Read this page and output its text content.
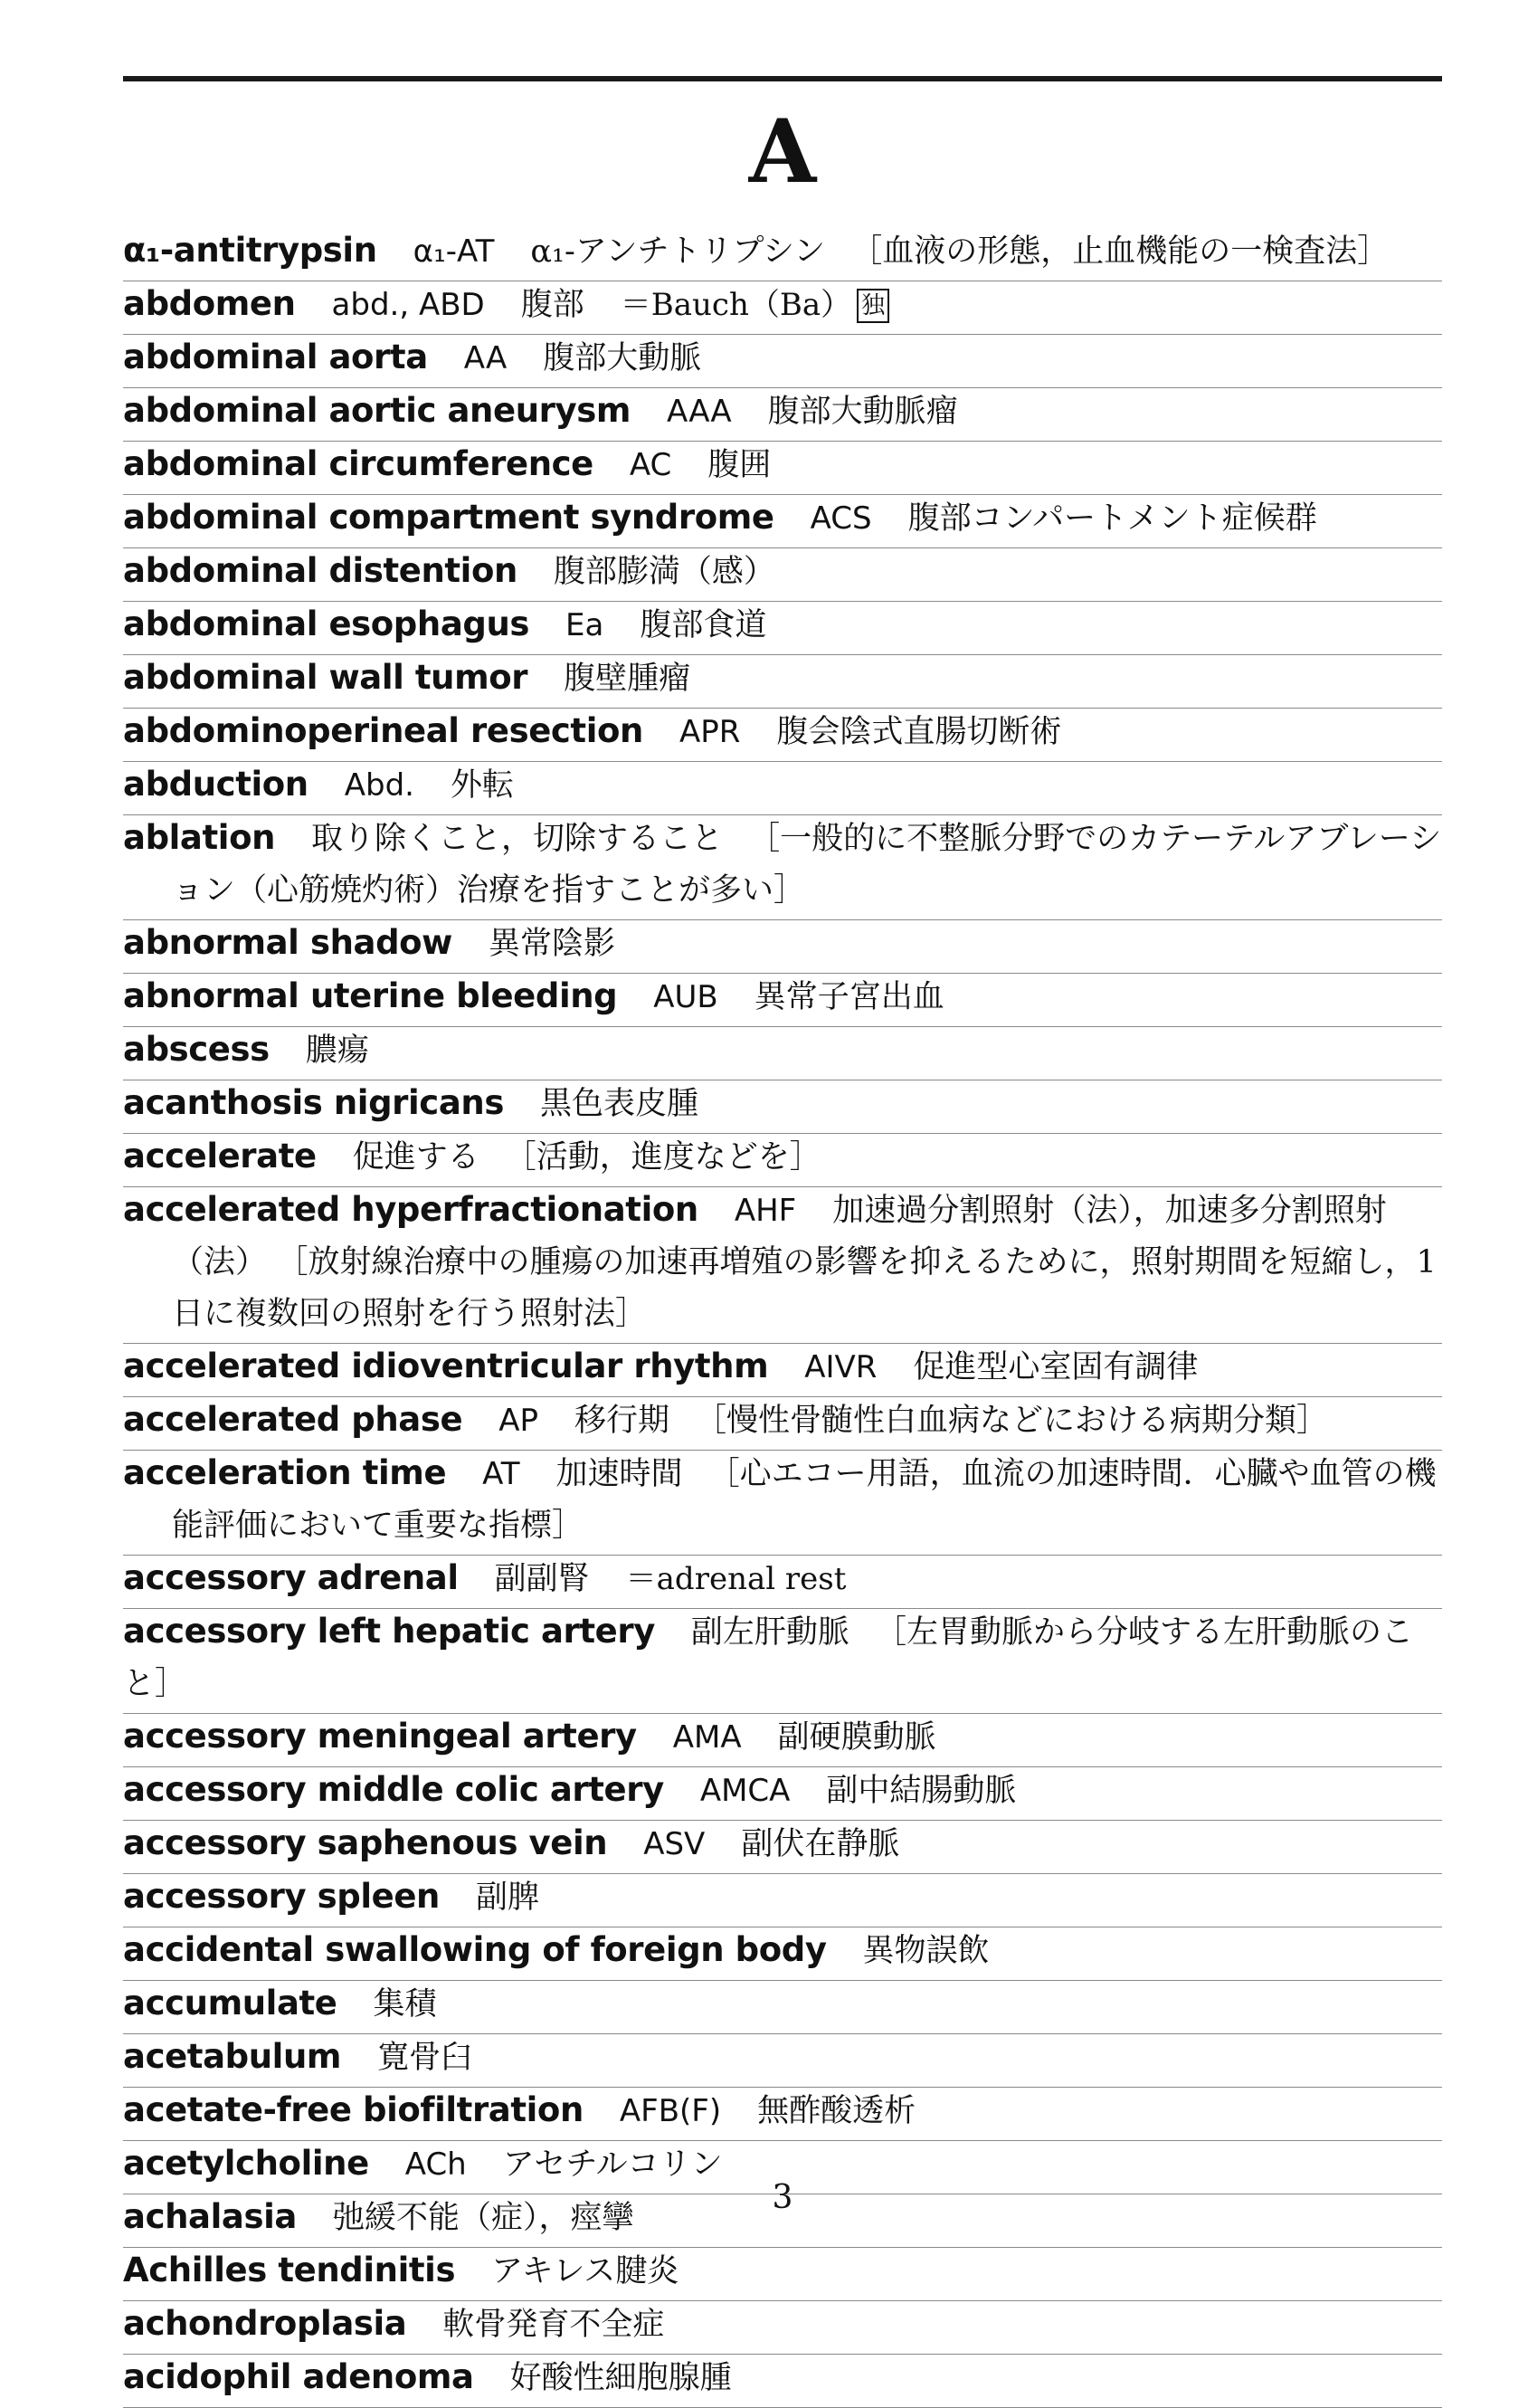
A
α₁-antitrypsin α₁-AT α₁-アンチトリプシン ［血液の形態，止血機能の一検査法］
abdomen abd., ABD 腹部 ＝Bauch（Ba） 独
abdominal aorta AA 腹部大動脈
abdominal aortic aneurysm AAA 腹部大動脈瘤
abdominal circumference AC 腹囲
abdominal compartment syndrome ACS 腹部コンパートメント症候群
abdominal distention 腹部膨満（感）
abdominal esophagus Ea 腹部食道
abdominal wall tumor 腹壁腫瘤
abdominoperineal resection APR 腹会陰式直腸切断術
abduction Abd. 外転
ablation 取り除くこと，切除すること ［一般的に不整脈分野でのカテーテルアブレーション（心筋焼灼術）治療を指すことが多い］
abnormal shadow 異常陰影
abnormal uterine bleeding AUB 異常子宮出血
abscess 膿瘍
acanthosis nigricans 黒色表皮腫
accelerate 促進する ［活動，進度などを］
accelerated hyperfractionation AHF 加速過分割照射（法），加速多分割照射（法） ［放射線治療中の腫瘍の加速再増殖の影響を抑えるために，照射期間を短縮し，1日に複数回の照射を行う照射法］
accelerated idioventricular rhythm AIVR 促進型心室固有調律
accelerated phase AP 移行期 ［慢性骨髄性白血病などにおける病期分類］
acceleration time AT 加速時間 ［心エコー用語，血流の加速時間．心臓や血管の機能評価において重要な指標］
accessory adrenal 副副腎 ＝adrenal rest
accessory left hepatic artery 副左肝動脈 ［左胃動脈から分岐する左肝動脈のこと］
accessory meningeal artery AMA 副硬膜動脈
accessory middle colic artery AMCA 副中結腸動脈
accessory saphenous vein ASV 副伏在静脈
accessory spleen 副脾
accidental swallowing of foreign body 異物誤飲
accumulate 集積
acetabulum 寛骨臼
acetate-free biofiltration AFB(F) 無酢酸透析
acetylcholine ACh アセチルコリン
achalasia 弛緩不能（症），痙攣
Achilles tendinitis アキレス腱炎
achondroplasia 軟骨発育不全症
acidophil adenoma 好酸性細胞腺腫
3
